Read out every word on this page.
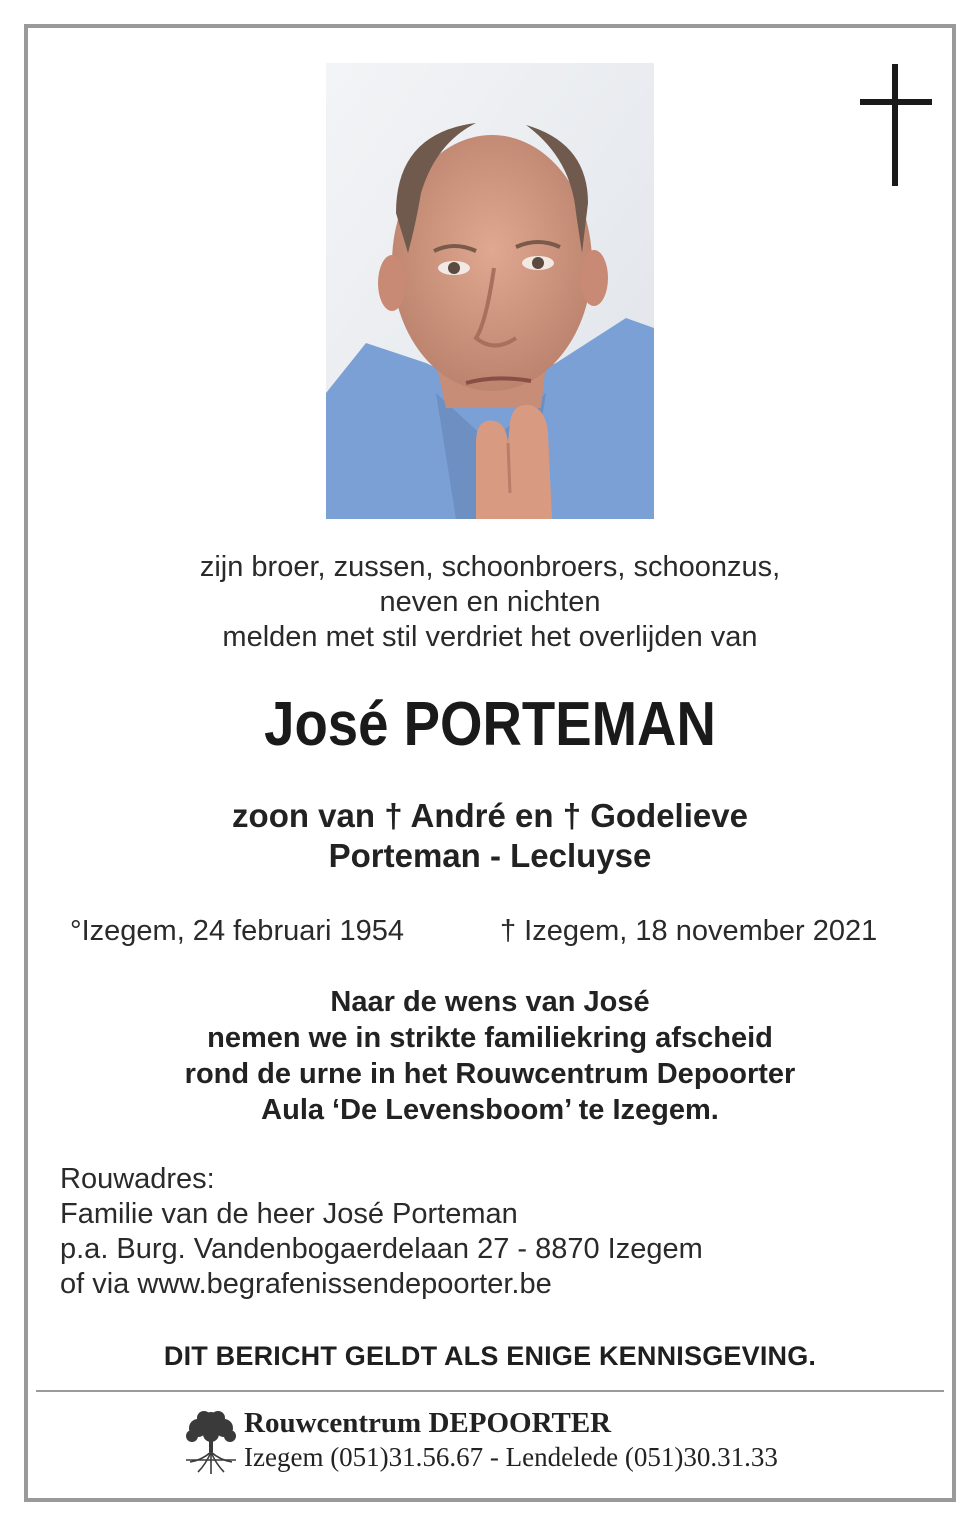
zijn broer, zussen, schoonbroers, schoonzus,
neven en nichten
melden met stil verdriet het overlijden van
José PORTEMAN
zoon van † André en † Godelieve
Porteman - Lecluyse
°Izegem, 24 februari 1954	† Izegem, 18 november 2021
Naar de wens van José
nemen we in strikte familiekring afscheid
rond de urne in het Rouwcentrum Depoorter
Aula ‘De Levensboom’ te Izegem.
Rouwadres:
Familie van de heer José Porteman
p.a. Burg. Vandenbogaerdelaan 27 - 8870 Izegem
of via www.begrafenissendepoorter.be
DIT BERICHT GELDT ALS ENIGE KENNISGEVING.
Rouwcentrum DEPOORTER
Izegem (051)31.56.67 - Lendelede (051)30.31.33
